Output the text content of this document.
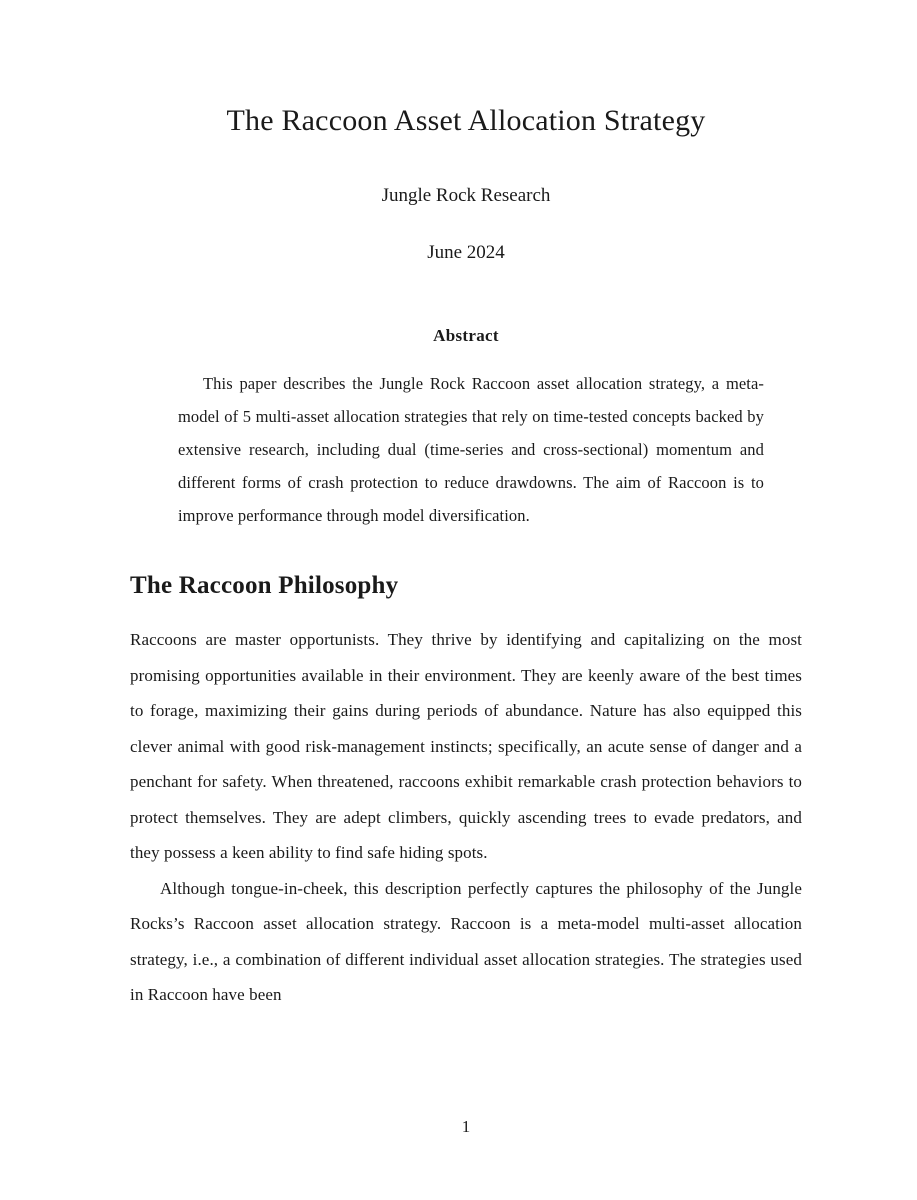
The Raccoon Asset Allocation Strategy
Jungle Rock Research
June 2024
Abstract
This paper describes the Jungle Rock Raccoon asset allocation strategy, a meta-model of 5 multi-asset allocation strategies that rely on time-tested concepts backed by extensive research, including dual (time-series and cross-sectional) momentum and different forms of crash protection to reduce drawdowns. The aim of Raccoon is to improve performance through model diversification.
The Raccoon Philosophy

Raccoons are master opportunists. They thrive by identifying and capitalizing on the most promising opportunities available in their environment. They are keenly aware of the best times to forage, maximizing their gains during periods of abundance. Nature has also equipped this clever animal with good risk-management instincts; specifically, an acute sense of danger and a penchant for safety. When threatened, raccoons exhibit remarkable crash protection behaviors to protect themselves. They are adept climbers, quickly ascending trees to evade predators, and they possess a keen ability to find safe hiding spots.

Although tongue-in-cheek, this description perfectly captures the philosophy of the Jungle Rocks’s Raccoon asset allocation strategy. Raccoon is a meta-model multi-asset allocation strategy, i.e., a combination of different individual asset allocation strategies. The strategies used in Raccoon have been

1
